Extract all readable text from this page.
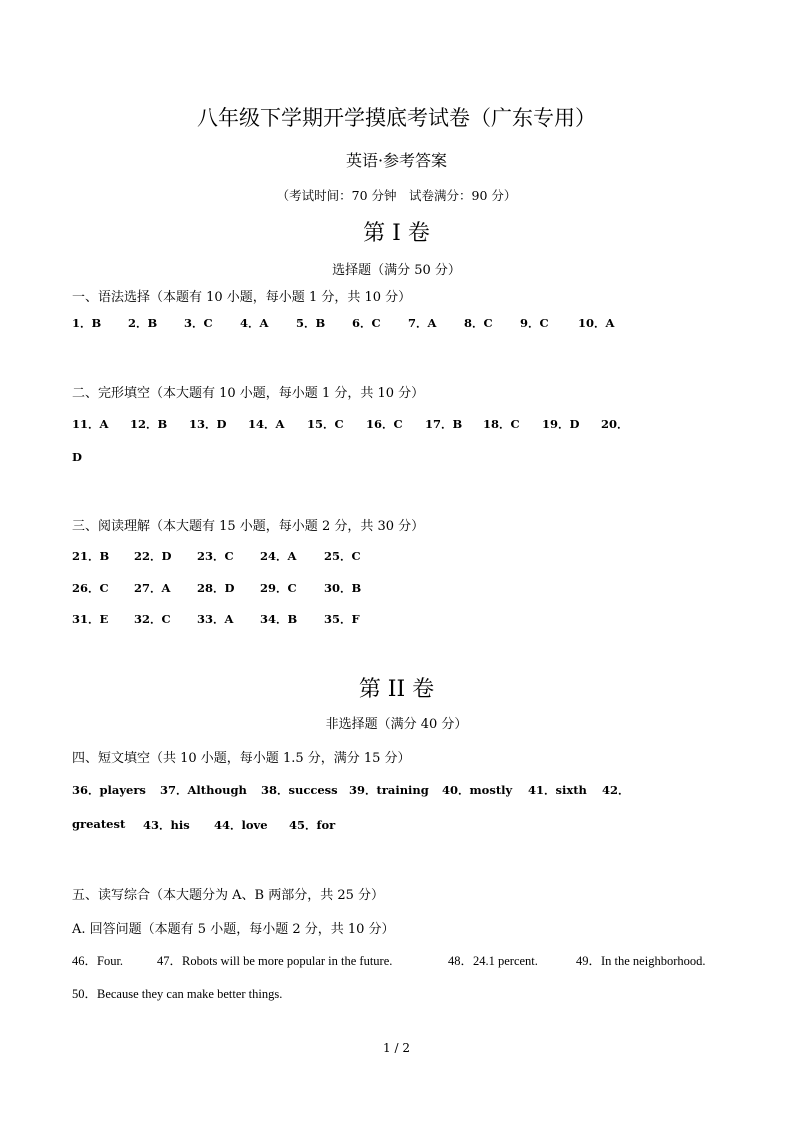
八年级下学期开学摸底考试卷（广东专用）
英语·参考答案
（考试时间：70 分钟　试卷满分：90 分）
第 I 卷
选择题（满分 50 分）
一、语法选择（本题有 10 小题，每小题 1 分，共 10 分）
1．B 2．B 3．C 4．A 5．B 6．C 7．A 8．C 9．C	10．A
二、完形填空（本大题有 10 小题，每小题 1 分，共 10 分）
11．A 12．B 13．D 14．A 15．C 16．C 17．B 18．C 19．D 20．
D
三、阅读理解（本大题有 15 小题，每小题 2 分，共 30 分）
21．B 22．D 23．C 24．A 25．C
26．C 27．A 28．D 29．C 30．B
31．E 32．C 33．A 34．B 35．F
第 II 卷
非选择题（满分 40 分）
四、短文填空（共 10 小题，每小题 1.5 分，满分 15 分）
36．players 37．Although 38．success 39．training 40．mostly 41．sixth 42．
greatest 43．his 44．love 45．for
五、读写综合（本大题分为 A、B 两部分，共 25 分）
A. 回答问题（本题有 5 小题，每小题 2 分，共 10 分）
46．Four.	47．Robots will be more popular in the future.	48．24.1 percent.	49．In the neighborhood.
50．Because they can make better things.
1 / 2
